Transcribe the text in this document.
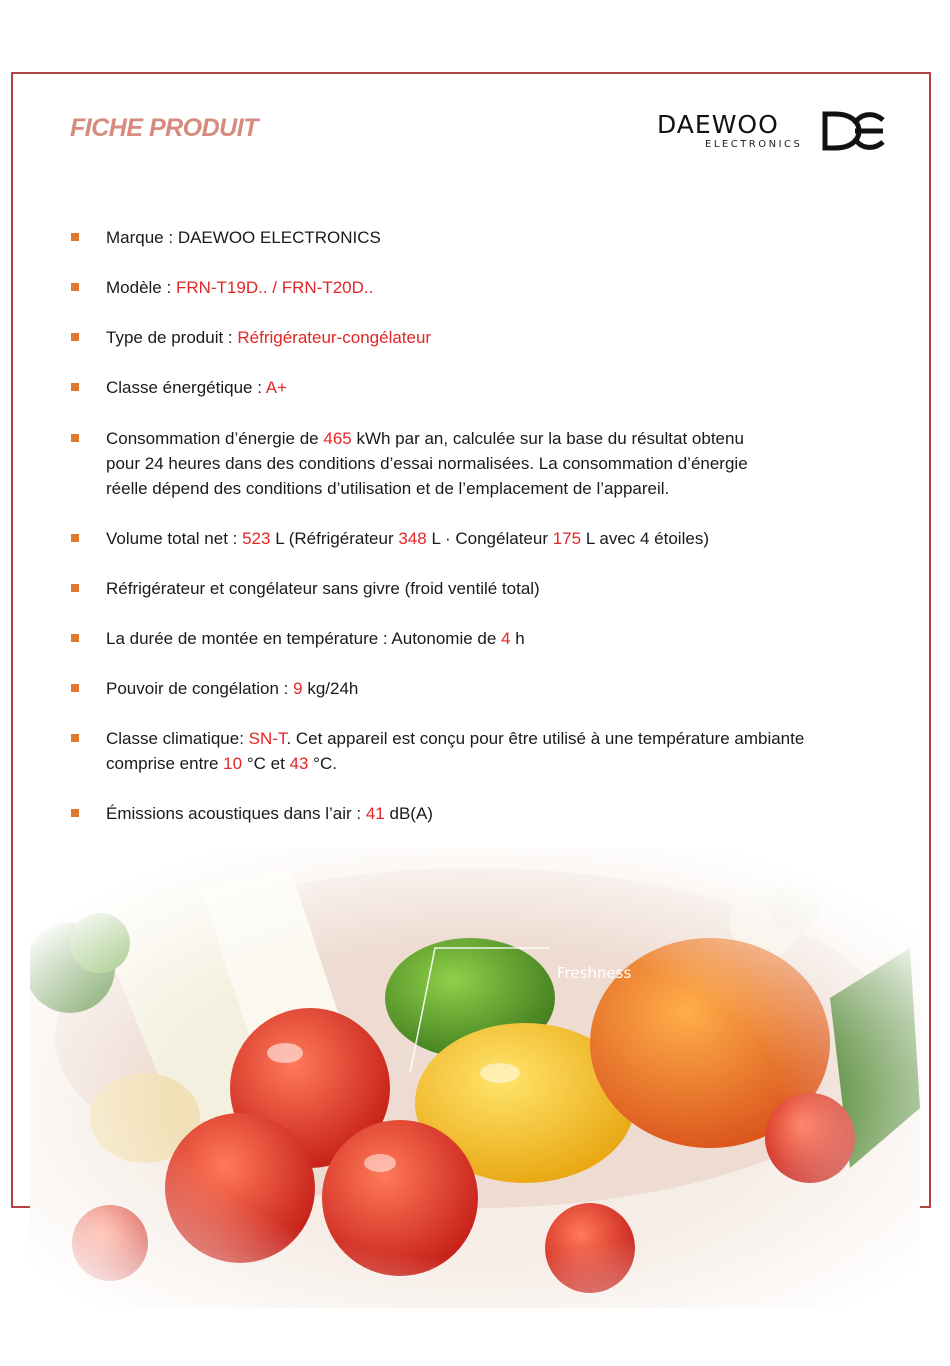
FICHE PRODUIT	DAEWOO
ELECTRONICS
Marque : DAEWOO ELECTRONICS
Modèle : FRN-T19D.. / FRN-T20D..
Type de produit : Réfrigérateur-congélateur
Classe énergétique : A+
Consommation d’énergie de 465 kWh par an, calculée sur la base du résultat obtenu
pour 24 heures dans des conditions d’essai normalisées. La consommation d’énergie
réelle dépend des conditions d’utilisation et de l’emplacement de l’appareil.
Volume total net : 523 L (Réfrigérateur 348 L · Congélateur 175 L avec 4 étoiles)
Réfrigérateur et congélateur sans givre (froid ventilé total)
La durée de montée en température : Autonomie de 4 h
Pouvoir de congélation : 9 kg/24h
Classe climatique: SN-T. Cet appareil est conçu pour être utilisé à une température ambiante
comprise entre 10 °C et 43 °C.
Émissions acoustiques dans l’air : 41 dB(A)
